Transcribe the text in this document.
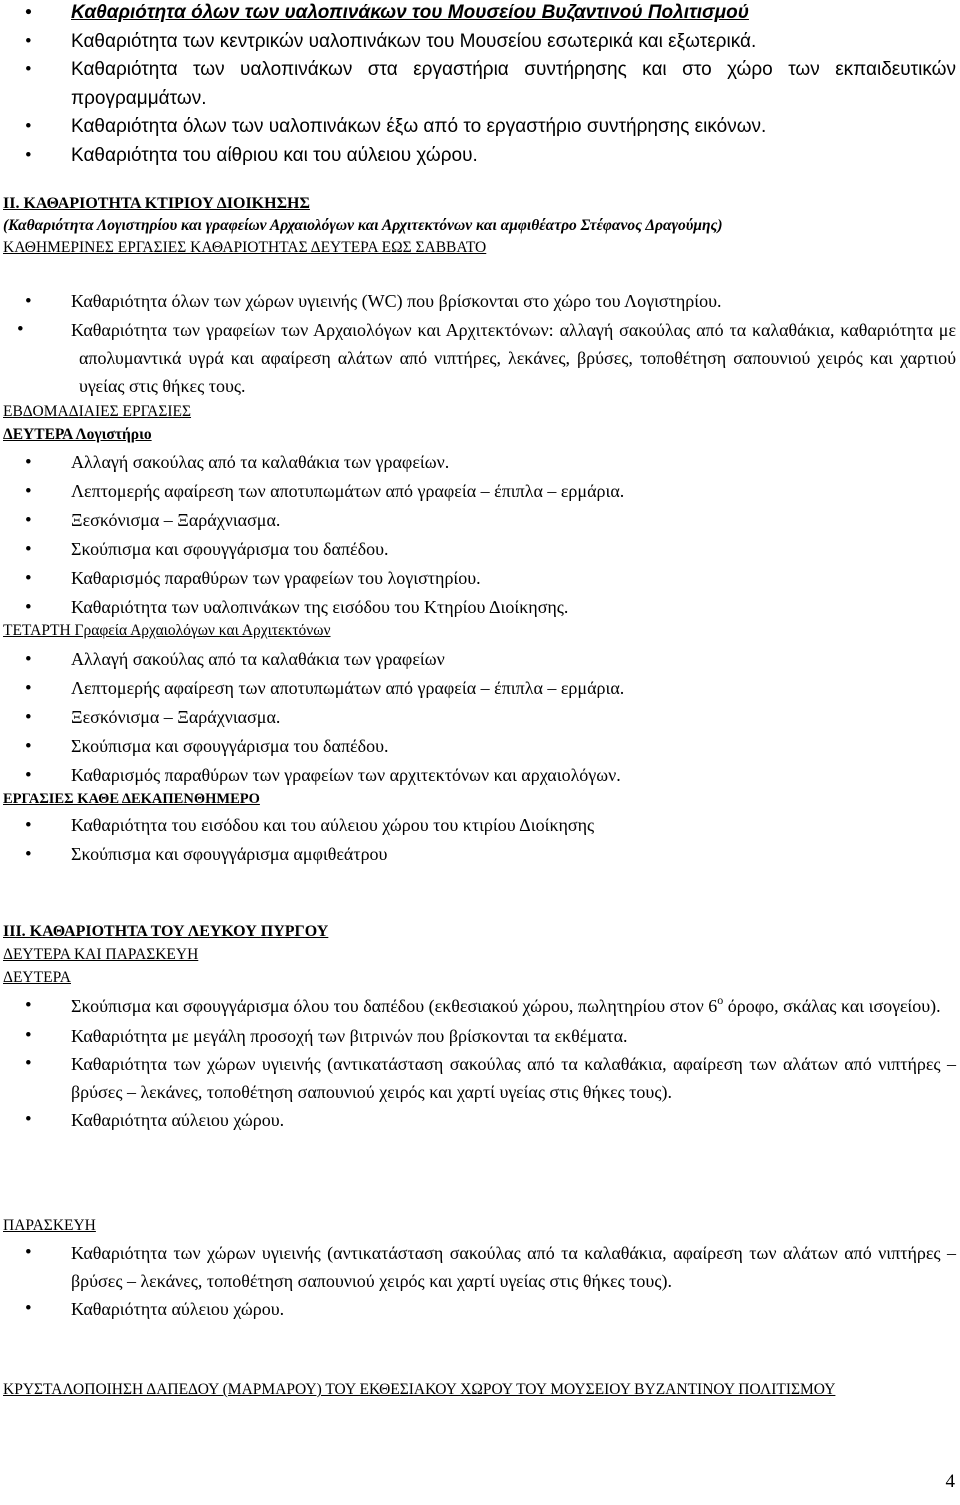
• Καθαριότητα όλων των υαλοπινάκων του Μουσείου Βυζαντινού Πολιτισμού
• Καθαριότητα των κεντρικών υαλοπινάκων του Μουσείου εσωτερικά και εξωτερικά.
• Καθαριότητα των υαλοπινάκων στα εργαστήρια συντήρησης και στο χώρο των εκπαιδευτικών προγραμμάτων.
• Καθαριότητα όλων των υαλοπινάκων έξω από το εργαστήριο συντήρησης εικόνων.
• Καθαριότητα του αίθριου και του αύλειου χώρου.
ΙΙ. ΚΑΘΑΡΙΟΤΗΤΑ ΚΤΙΡΙΟΥ ΔΙΟΙΚΗΣΗΣ
(Καθαριότητα Λογιστηρίου και γραφείων Αρχαιολόγων και Αρχιτεκτόνων και αμφιθέατρο Στέφανος Δραγούμης)
ΚΑΘΗΜΕΡΙΝΕΣ ΕΡΓΑΣΙΕΣ ΚΑΘΑΡΙΟΤΗΤΑΣ ΔΕΥΤΕΡΑ ΕΩΣ ΣΑΒΒΑΤΟ
• Καθαριότητα όλων των χώρων υγιεινής (WC) που βρίσκονται στο χώρο του Λογιστηρίου.
• Καθαριότητα των γραφείων των Αρχαιολόγων και Αρχιτεκτόνων: αλλαγή σακούλας από τα καλαθάκια, καθαριότητα με απολυμαντικά υγρά και αφαίρεση αλάτων από νιπτήρες, λεκάνες, βρύσες, τοποθέτηση σαπουνιού χειρός και χαρτιού υγείας στις θήκες τους.
ΕΒΔΟΜΑΔΙΑΙΕΣ ΕΡΓΑΣΙΕΣ
ΔΕΥΤΕΡΑ Λογιστήριο
• Αλλαγή σακούλας από τα καλαθάκια των γραφείων.
• Λεπτομερής αφαίρεση των αποτυπωμάτων από γραφεία – έπιπλα – ερμάρια.
• Ξεσκόνισμα – Ξαράχνιασμα.
• Σκούπισμα και σφουγγάρισμα του δαπέδου.
• Καθαρισμός παραθύρων των γραφείων του λογιστηρίου.
• Καθαριότητα των υαλοπινάκων της εισόδου του Κτηρίου Διοίκησης.
ΤΕΤΑΡΤΗ Γραφεία Αρχαιολόγων και Αρχιτεκτόνων
• Αλλαγή σακούλας από τα καλαθάκια των γραφείων
• Λεπτομερής αφαίρεση των αποτυπωμάτων από γραφεία – έπιπλα – ερμάρια.
• Ξεσκόνισμα – Ξαράχνιασμα.
• Σκούπισμα και σφουγγάρισμα του δαπέδου.
• Καθαρισμός παραθύρων των γραφείων των αρχιτεκτόνων και αρχαιολόγων.
ΕΡΓΑΣΙΕΣ ΚΑΘΕ ΔΕΚΑΠΕΝΘΗΜΕΡΟ
• Καθαριότητα του εισόδου και του αύλειου χώρου του κτιρίου Διοίκησης
• Σκούπισμα και σφουγγάρισμα αμφιθεάτρου
ΙΙΙ. ΚΑΘΑΡΙΟΤΗΤΑ ΤΟΥ ΛΕΥΚΟΥ ΠΥΡΓΟΥ
ΔΕΥΤΕΡΑ ΚΑΙ ΠΑΡΑΣΚΕΥΗ
ΔΕΥΤΕΡΑ
• Σκούπισμα και σφουγγάρισμα όλου του δαπέδου (εκθεσιακού χώρου, πωλητηρίου στον $6^o$ όροφο, σκάλας και ισογείου).
• Καθαριότητα με μεγάλη προσοχή των βιτρινών που βρίσκονται τα εκθέματα.
• Καθαριότητα των χώρων υγιεινής (αντικατάσταση σακούλας από τα καλαθάκια, αφαίρεση των αλάτων από νιπτήρες – βρύσες – λεκάνες, τοποθέτηση σαπουνιού χειρός και χαρτί υγείας στις θήκες τους).
• Καθαριότητα αύλειου χώρου.
ΠΑΡΑΣΚΕΥΗ
• Καθαριότητα των χώρων υγιεινής (αντικατάσταση σακούλας από τα καλαθάκια, αφαίρεση των αλάτων από νιπτήρες –βρύσες – λεκάνες, τοποθέτηση σαπουνιού χειρός και χαρτί υγείας στις θήκες τους).
• Καθαριότητα αύλειου χώρου.
ΚΡΥΣΤΑΛΟΠΟΙΗΣΗ ΔΑΠΕΔΟΥ (ΜΑΡΜΑΡΟΥ) ΤΟΥ ΕΚΘΕΣΙΑΚΟΥ ΧΩΡΟΥ ΤΟΥ ΜΟΥΣΕΙΟΥ ΒΥΖΑΝΤΙΝΟΥ ΠΟΛΙΤΙΣΜΟΥ
4
